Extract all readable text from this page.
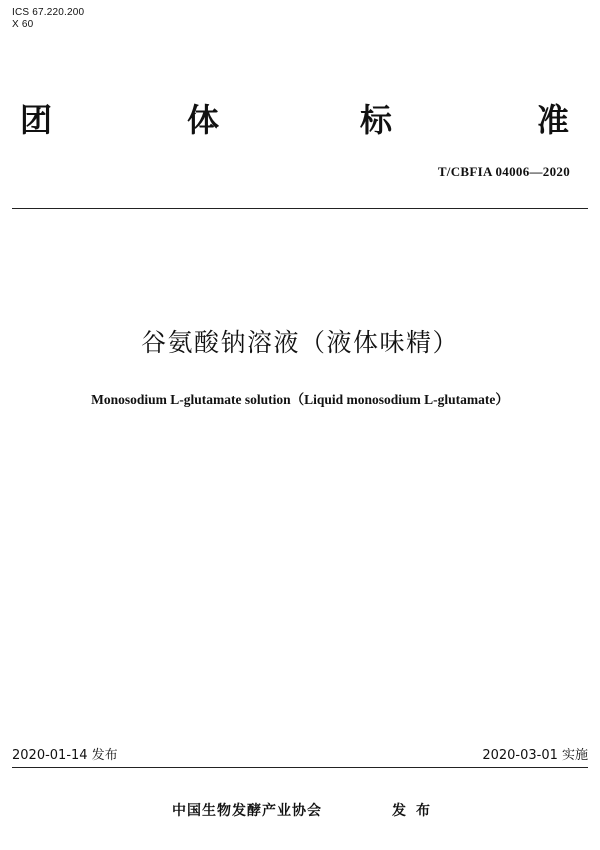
ICS 67.220.200
X 60
团	体	标	准
T/CBFIA 04006—2020
谷氨酸钠溶液（液体味精）
Monosodium L-glutamate solution（Liquid monosodium L-glutamate）
2020-01-14 发布	2020-03-01 实施
中国生物发酵产业协会	发布
